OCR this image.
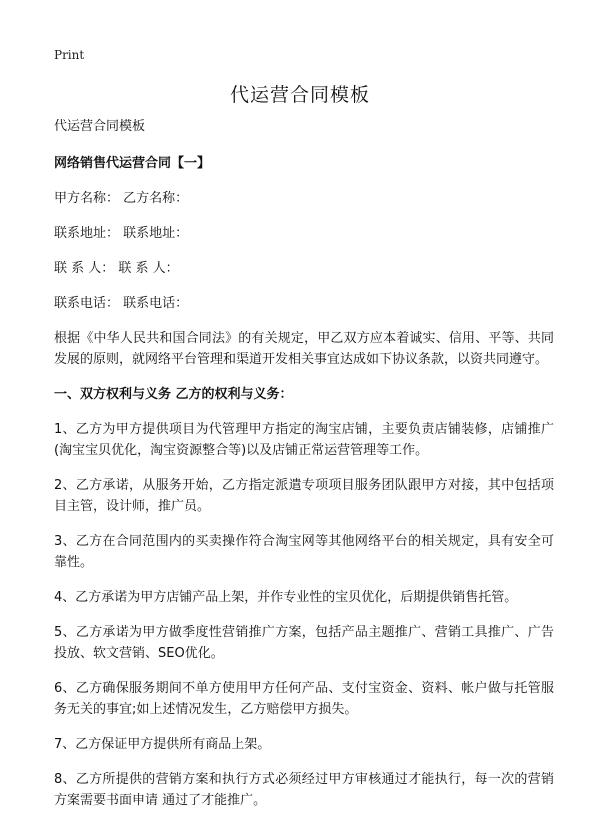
Print
代运营合同模板

代运营合同模板

网络销售代运营合同【一】

甲方名称： 乙方名称：

联系地址： 联系地址：

联 系 人： 联 系 人：

联系电话： 联系电话：

根据《中华人民共和国合同法》的有关规定，甲乙双方应本着诚实、信用、平等、共同发展的原则，就网络平台管理和渠道开发相关事宜达成如下协议条款，以资共同遵守。

一、双方权利与义务 乙方的权利与义务：

1、乙方为甲方提供项目为代管理甲方指定的淘宝店铺，主要负责店铺装修，店铺推广(淘宝宝贝优化，淘宝资源整合等)以及店铺正常运营管理等工作。

2、乙方承诺，从服务开始，乙方指定派遣专项项目服务团队跟甲方对接，其中包括项目主管，设计师，推广员。

3、乙方在合同范围内的买卖操作符合淘宝网等其他网络平台的相关规定，具有安全可靠性。

4、乙方承诺为甲方店铺产品上架，并作专业性的宝贝优化，后期提供销售托管。

5、乙方承诺为甲方做季度性营销推广方案，包括产品主题推广、营销工具推广、广告投放、软文营销、SEO优化。

6、乙方确保服务期间不单方使用甲方任何产品、支付宝资金、资料、帐户做与托管服务无关的事宜;如上述情况发生，乙方赔偿甲方损失。

7、乙方保证甲方提供所有商品上架。

8、乙方所提供的营销方案和执行方式必须经过甲方审核通过才能执行，每一次的营销方案需要书面申请 通过了才能推广。
